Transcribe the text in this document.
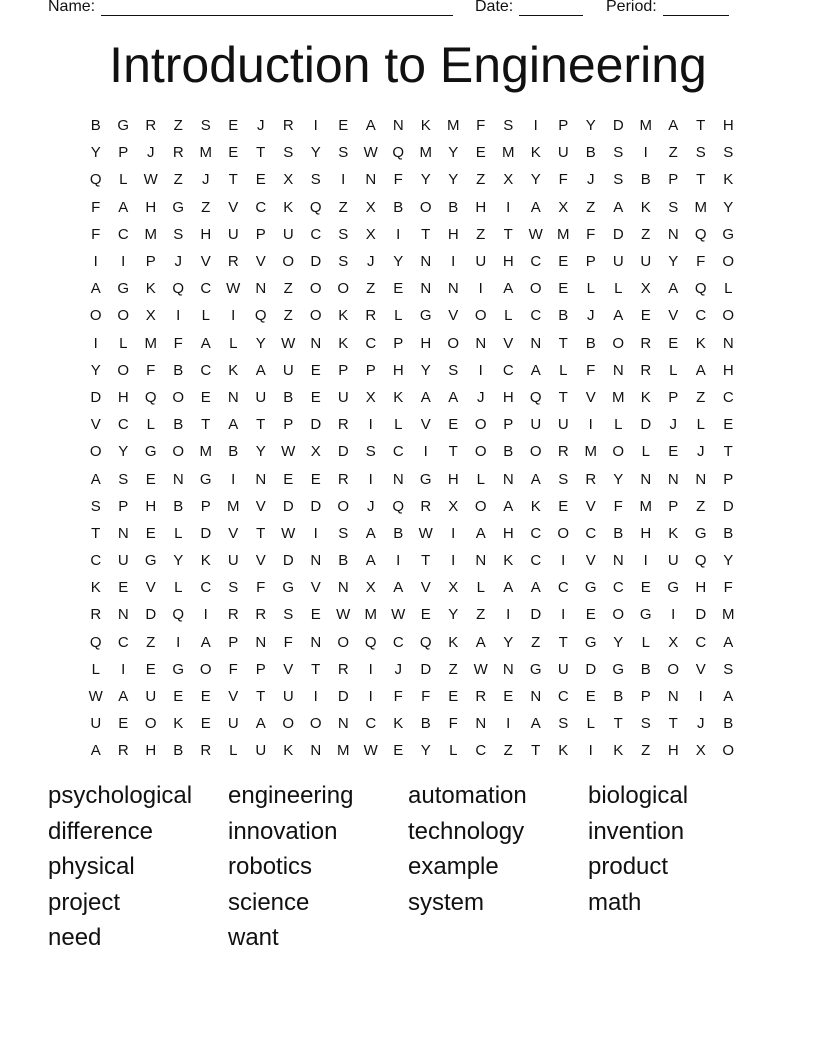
Name:	Date:	Period:
Introduction to Engineering
B	G	R	Z	S	E	J	R	I	E	A	N	K	M	F	S	I	P	Y	D	M	A	T	H
Y	P	J	R	M	E	T	S	Y	S	W	Q	M	Y	E	M	K	U	B	S	I	Z	S	S
Q	L	W	Z	J	T	E	X	S	I	N	F	Y	Y	Z	X	Y	F	J	S	B	P	T	K
F	A	H	G	Z	V	C	K	Q	Z	X	B	O	B	H	I	A	X	Z	A	K	S	M	Y
F	C	M	S	H	U	P	U	C	S	X	I	T	H	Z	T	W	M	F	D	Z	N	Q	G
I	I	P	J	V	R	V	O	D	S	J	Y	N	I	U	H	C	E	P	U	U	Y	F	O
A	G	K	Q	C	W	N	Z	O	O	Z	E	N	N	I	A	O	E	L	L	X	A	Q	L
O	O	X	I	L	I	Q	Z	O	K	R	L	G	V	O	L	C	B	J	A	E	V	C	O
I	L	M	F	A	L	Y	W	N	K	C	P	H	O	N	V	N	T	B	O	R	E	K	N
Y	O	F	B	C	K	A	U	E	P	P	H	Y	S	I	C	A	L	F	N	R	L	A	H
D	H	Q	O	E	N	U	B	E	U	X	K	A	A	J	H	Q	T	V	M	K	P	Z	C
V	C	L	B	T	A	T	P	D	R	I	L	V	E	O	P	U	U	I	L	D	J	L	E
O	Y	G	O	M	B	Y	W	X	D	S	C	I	T	O	B	O	R	M	O	L	E	J	T
A	S	E	N	G	I	N	E	E	R	I	N	G	H	L	N	A	S	R	Y	N	N	N	P
S	P	H	B	P	M	V	D	D	O	J	Q	R	X	O	A	K	E	V	F	M	P	Z	D
T	N	E	L	D	V	T	W	I	S	A	B	W	I	A	H	C	O	C	B	H	K	G	B
C	U	G	Y	K	U	V	D	N	B	A	I	T	I	N	K	C	I	V	N	I	U	Q	Y
K	E	V	L	C	S	F	G	V	N	X	A	V	X	L	A	A	C	G	C	E	G	H	F
R	N	D	Q	I	R	R	S	E	W	M	W	E	Y	Z	I	D	I	E	O	G	I	D	M
Q	C	Z	I	A	P	N	F	N	O	Q	C	Q	K	A	Y	Z	T	G	Y	L	X	C	A
L	I	E	G	O	F	P	V	T	R	I	J	D	Z	W	N	G	U	D	G	B	O	V	S
W	A	U	E	E	V	T	U	I	D	I	F	F	E	R	E	N	C	E	B	P	N	I	A
U	E	O	K	E	U	A	O	O	N	C	K	B	F	N	I	A	S	L	T	S	T	J	B
A	R	H	B	R	L	U	K	N	M	W	E	Y	L	C	Z	T	K	I	K	Z	H	X	O
psychological	engineering	automation	biological
difference	innovation	technology	invention
physical	robotics	example	product
project	science	system	math
need	want
